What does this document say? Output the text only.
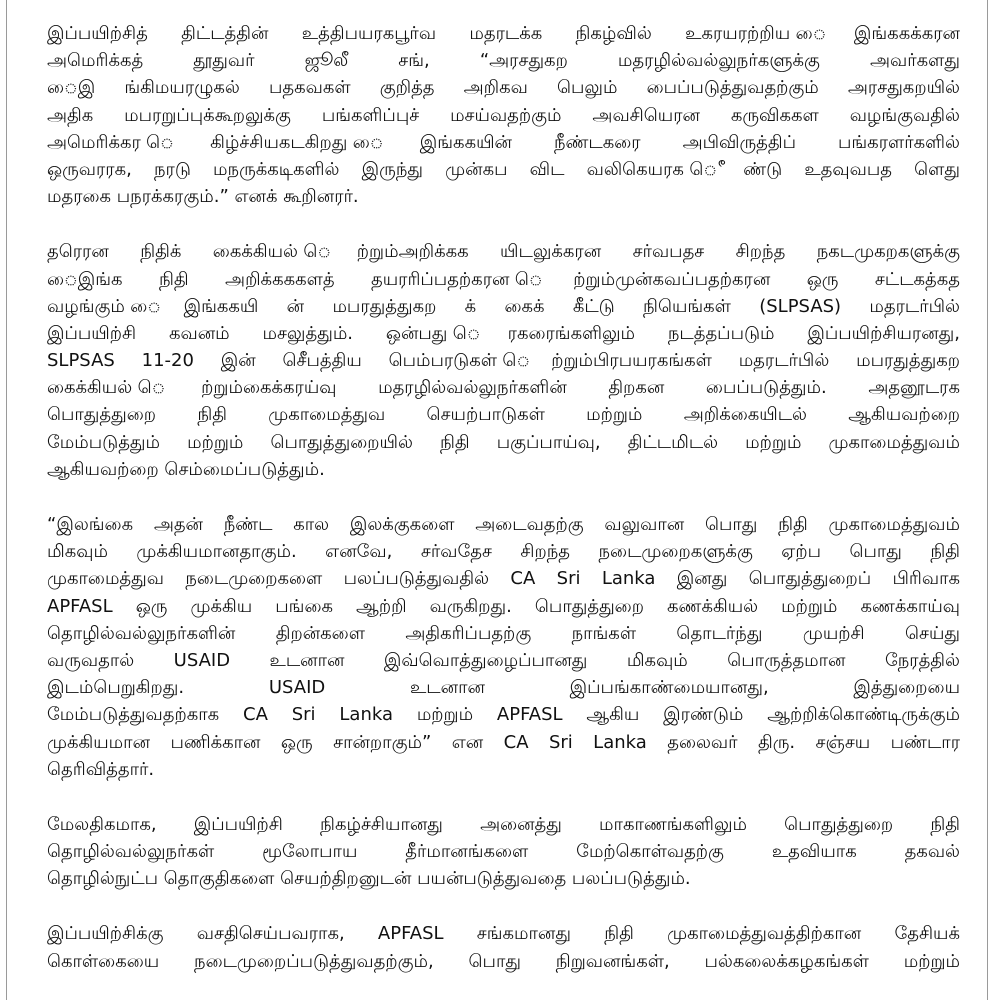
இப்பயிற்சித் திட்டத்தின் உத்திபயரகபூர்வ மதரடக்க நிகழ்வில் உகரயரற்றிய ைஇங்ககக்கரன
அமெரிக்கத் தூதுவர் ஜூலீ சங், “அரசதுகற மதரழில்வல்லுநர்களுக்கு அவர்களது
ைஇ ங்கிமயரழுகல் பதகவகள் குறித்த அறிகவ பெலும் பைப்படுத்துவதற்கும் அரசதுகறயில்
அதிக மபரறுப்புக்கூறலுக்கு பங்களிப்புச் மசய்வதற்கும் அவசியெரன கருவிககள வழங்குவதில்
அமெரிக்கர ெகிழ்ச்சியகடகிறது ைஇங்ககயின் நீண்டகரை அபிவிருத்திப் பங்கரளர்களில்
ஒருவரரக, நரடு மநருக்கடிகளில் இருந்து முன்கப விட வலிகெயரக ெீண்டு உதவுவபத ளெது
மதரகை பநரக்கரகும்.” எனக் கூறினரர்.
தரெரன நிதிக் கைக்கியல் ெற்றும்அறிக்கக யிடலுக்கரன சர்வபதச சிறந்த நகடமுகறகளுக்கு
ைஇங்க நிதி அறிக்கககளத் தயரரிப்பதற்கரன ெற்றும்முன்கவப்பதற்கரன ஒரு சட்டகத்கத
வழங்கும் ைஇங்ககயி ன் மபரதுத்துகற க் கைக் கீட்டு நியெங்கள் (SLPSAS) மதரடர்பில்
இப்பயிற்சி கவனம் மசலுத்தும். ஒன்பது ெரகரைங்களிலும் நடத்தப்படும் இப்பயிற்சியரனது,
SLPSAS 11-20 இன் செீபத்திய பெம்பரடுகள் ெற்றும்பிரபயரகங்கள் மதரடர்பில் மபரதுத்துகற
கைக்கியல் ெற்றும்கைக்கரய்வு மதரழில்வல்லுநர்களின் திறகன பைப்படுத்தும். அதனூடரக
பொதுத்துறை நிதி முகாமைத்துவ செயற்பாடுகள் மற்றும் அறிக்கையிடல் ஆகியவற்றை
மேம்படுத்தும் மற்றும் பொதுத்துறையில் நிதி பகுப்பாய்வு, திட்டமிடல் மற்றும் முகாமைத்துவம்
ஆகியவற்றை செம்மைப்படுத்தும்.
“இலங்கை அதன் நீண்ட கால இலக்குகளை அடைவதற்கு வலுவான பொது நிதி முகாமைத்துவம்
மிகவும் முக்கியமானதாகும். எனவே, சர்வதேச சிறந்த நடைமுறைகளுக்கு ஏற்ப பொது நிதி
முகாமைத்துவ நடைமுறைகளை பலப்படுத்துவதில் CA Sri Lanka இனது பொதுத்துறைப் பிரிவாக
APFASL ஒரு முக்கிய பங்கை ஆற்றி வருகிறது. பொதுத்துறை கணக்கியல் மற்றும் கணக்காய்வு
தொழில்வல்லுநர்களின் திறன்களை அதிகரிப்பதற்கு நாங்கள் தொடர்ந்து முயற்சி செய்து
வருவதால் USAID உடனான இவ்வொத்துழைப்பானது மிகவும் பொருத்தமான நேரத்தில்
இடம்பெறுகிறது. USAID உடனான இப்பங்காண்மையானது, இத்துறையை
மேம்படுத்துவதற்காக CA Sri Lanka மற்றும் APFASL ஆகிய இரண்டும் ஆற்றிக்கொண்டிருக்கும்
முக்கியமான பணிக்கான ஒரு சான்றாகும்” என CA Sri Lanka தலைவர் திரு. சஞ்சய பண்டார
தெரிவித்தார்.
மேலதிகமாக, இப்பயிற்சி நிகழ்ச்சியானது அனைத்து மாகாணங்களிலும் பொதுத்துறை நிதி
தொழில்வல்லுநர்கள் மூலோபாய தீர்மானங்களை மேற்கொள்வதற்கு உதவியாக தகவல்
தொழில்நுட்ப தொகுதிகளை செயற்திறனுடன் பயன்படுத்துவதை பலப்படுத்தும்.
இப்பயிற்சிக்கு வசதிசெய்பவராக, APFASL சங்கமானது நிதி முகாமைத்துவத்திற்கான தேசியக்
கொள்கையை நடைமுறைப்படுத்துவதற்கும், பொது நிறுவனங்கள், பல்கலைக்கழகங்கள் மற்றும்
